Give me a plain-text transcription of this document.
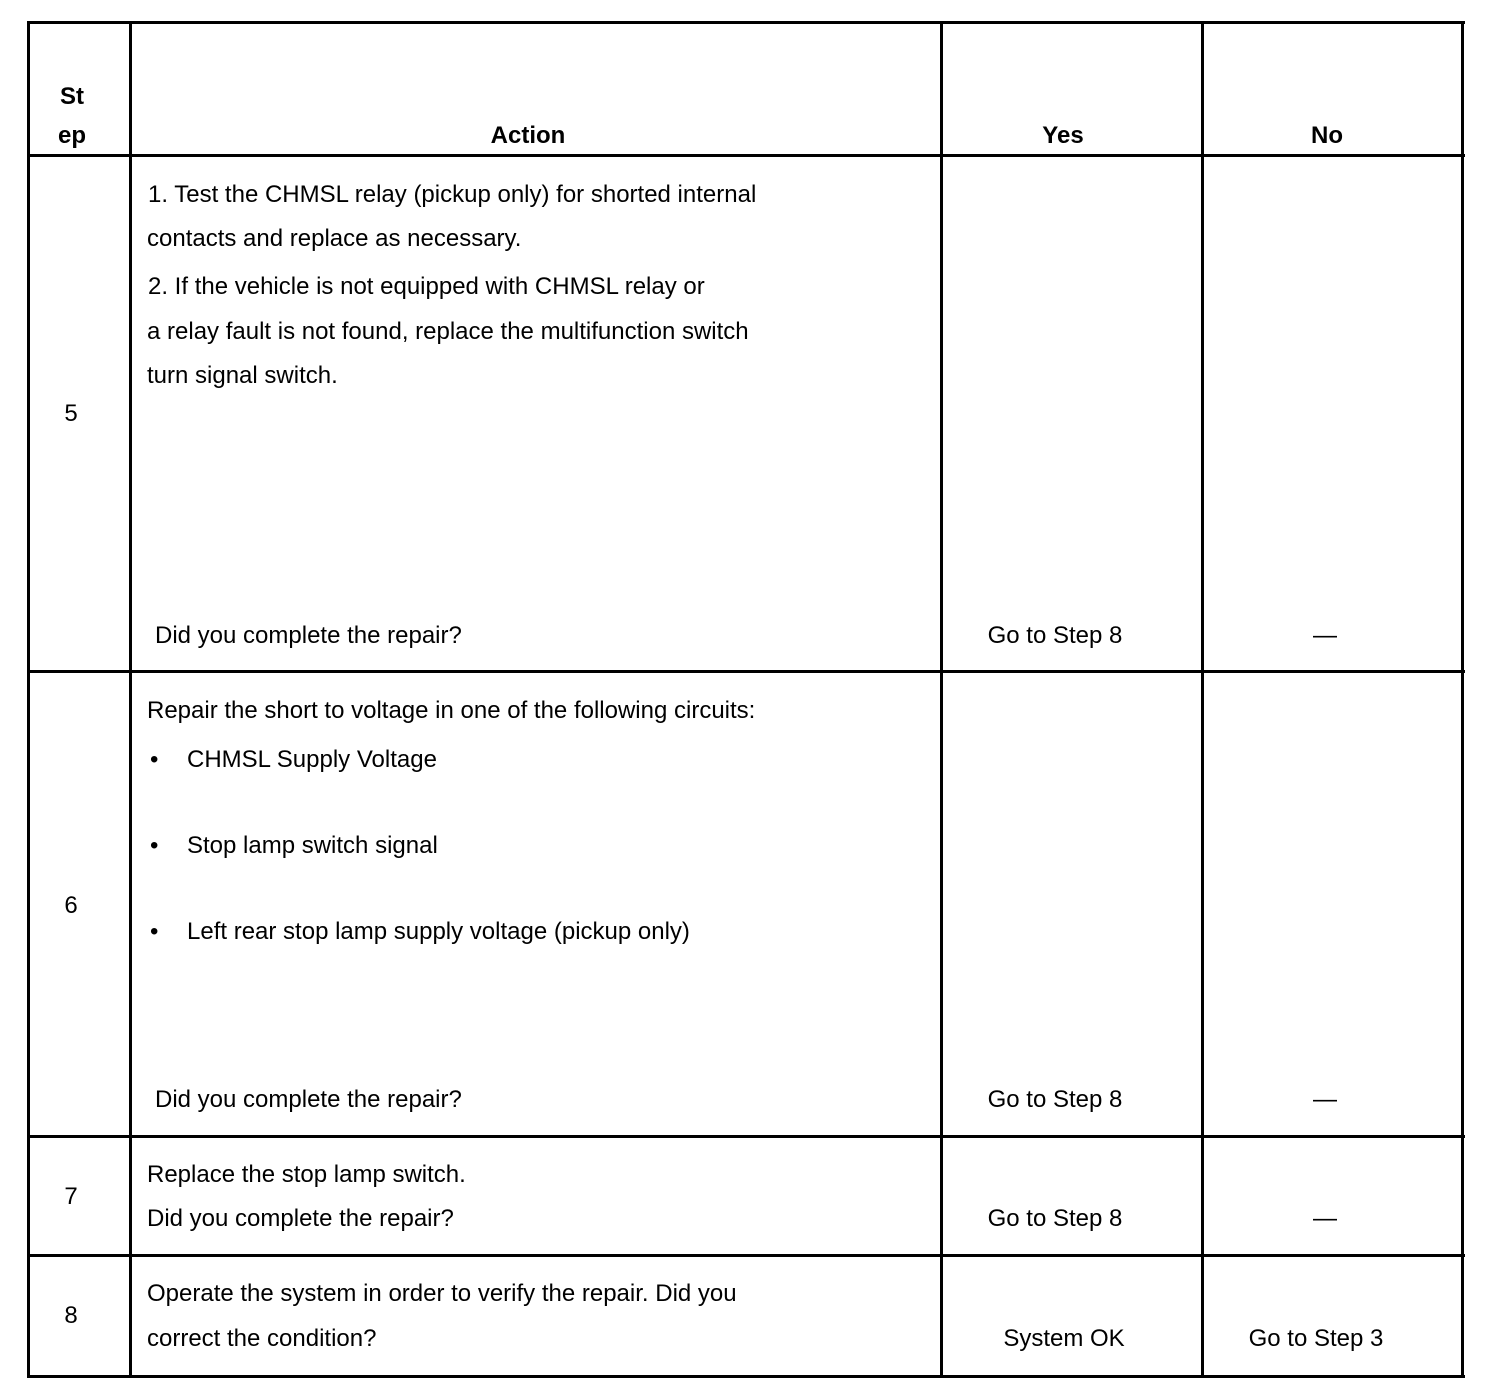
St
ep	Action	Yes	No
5
1. Test the CHMSL relay (pickup only) for shorted internal
contacts and replace as necessary.
2. If the vehicle is not equipped with CHMSL relay or
a relay fault is not found, replace the multifunction switch
turn signal switch.
Did you complete the repair?	Go to Step 8	—
6
Repair the short to voltage in one of the following circuits:
• CHMSL Supply Voltage
• Stop lamp switch signal
• Left rear stop lamp supply voltage (pickup only)
Did you complete the repair?	Go to Step 8	—
7
Replace the stop lamp switch.
Did you complete the repair?	Go to Step 8	—
8
Operate the system in order to verify the repair. Did you
correct the condition?	System OK	Go to Step 3
